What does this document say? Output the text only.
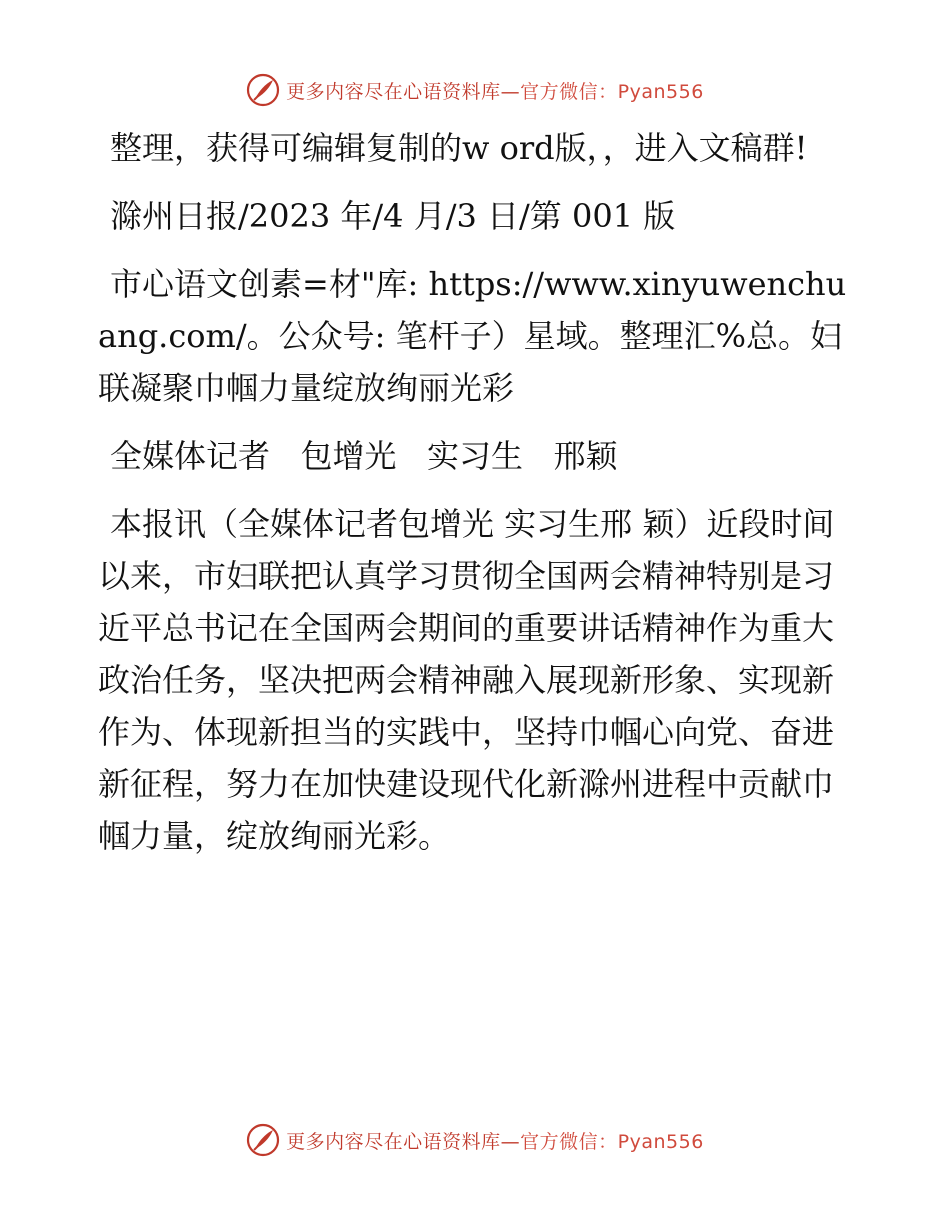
更多内容尽在心语资料库— 官方微信：Pyan556

整理，获得可编辑复制的w ord版，，进入文稿群!

滁州日报/2023 年/4 月/3 日/第 001 版

市心语文创素=材"库: https://www.xinyuwenchuang.com/。公众号: 笔杆子）星域。整理汇%总。妇联凝聚巾帼力量绽放绚丽光彩

全媒体记者   包增光   实习生   邢颖

本报讯（全媒体记者包增光 实习生邢 颖）近段时间以来，市妇联把认真学习贯彻全国两会精神特别是习近平总书记在全国两会期间的重要讲话精神作为重大政治任务，坚决把两会精神融入展现新形象、实现新作为、体现新担当的实践中，坚持巾帼心向党、奋进新征程，努力在加快建设现代化新滁州进程中贡献巾帼力量，绽放绚丽光彩。

更多内容尽在心语资料库— 官方微信：Pyan556
